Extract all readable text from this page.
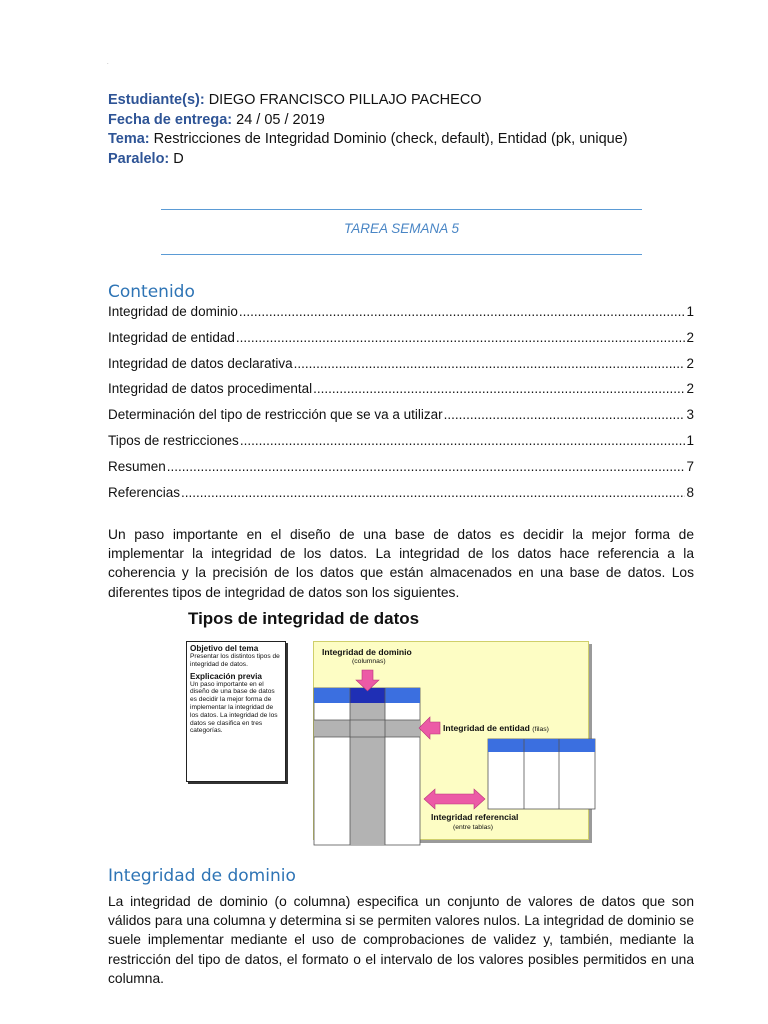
.
Estudiante(s): DIEGO FRANCISCO PILLAJO PACHECO
Fecha de entrega: 24 / 05 / 2019
Tema: Restricciones de Integridad Dominio (check, default), Entidad (pk, unique)
Paralelo: D
TAREA SEMANA 5
Contenido
Integridad de dominio .....	1
Integridad de entidad .....	2
Integridad de datos declarativa .....	2
Integridad de datos procedimental .....	2
Determinación del tipo de restricción que se va a utilizar .....	3
Tipos de restricciones .....	1
Resumen .....	7
Referencias .....	8

Un paso importante en el diseño de una base de datos es decidir la mejor forma de implementar la integridad de los datos. La integridad de los datos hace referencia a la coherencia y la precisión de los datos que están almacenados en una base de datos. Los diferentes tipos de integridad de datos son los siguientes.

Tipos de integridad de datos
Objetivo del tema
Presentar los distintos tipos de integridad de datos.
Explicación previa
Un paso importante en el diseño de una base de datos es decidir la mejor forma de implementar la integridad de los datos. La integridad de los datos se clasifica en tres categorías.
Integridad de dominio
(columnas)
Integridad de entidad (filas)
Integridad referencial
(entre tablas)
Integridad de dominio

La integridad de dominio (o columna) especifica un conjunto de valores de datos que son válidos para una columna y determina si se permiten valores nulos. La integridad de dominio se suele implementar mediante el uso de comprobaciones de validez y, también, mediante la restricción del tipo de datos, el formato o el intervalo de los valores posibles permitidos en una columna.
